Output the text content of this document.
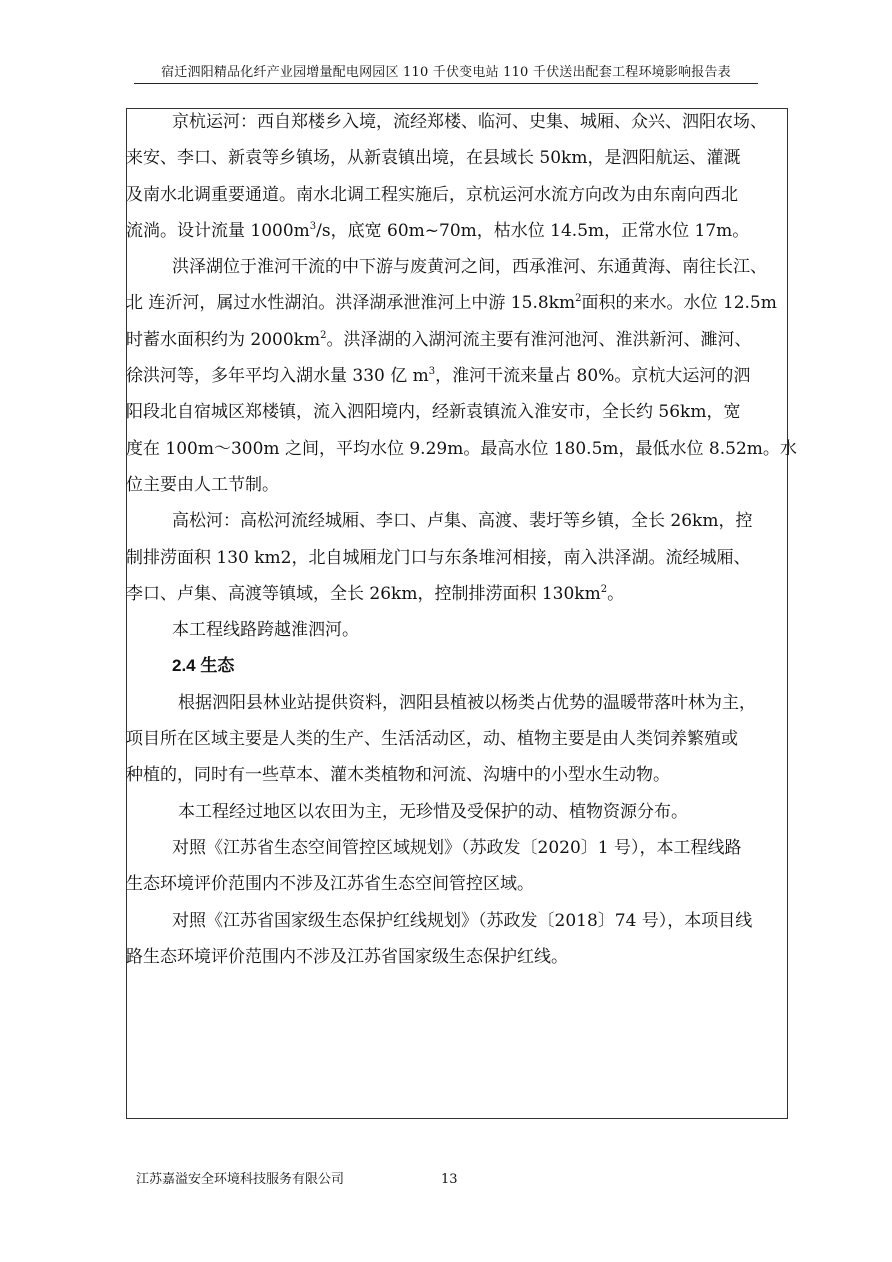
宿迁泗阳精品化纤产业园增量配电网园区 110 千伏变电站 110 千伏送出配套工程环境影响报告表

京杭运河：西自郑楼乡入境，流经郑楼、临河、史集、城厢、众兴、泗阳农场、
来安、李口、新袁等乡镇场，从新袁镇出境，在县域长 50km，是泗阳航运、灌溉
及南水北调重要通道。南水北调工程实施后，京杭运河水流方向改为由东南向西北
流淌。设计流量 $1000m^3/s$，底宽 60m~70m，枯水位 14.5m，正常水位 17m。

洪泽湖位于淮河干流的中下游与废黄河之间，西承淮河、东通黄海、南往长江、
北 连沂河，属过水性湖泊。洪泽湖承泄淮河上中游 $15.8km^2$面积的来水。水位 12.5m
时蓄水面积约为 $2000km^2$。洪泽湖的入湖河流主要有淮河池河、淮洪新河、濉河、
徐洪河等，多年平均入湖水量 330 亿 $m^3$，淮河干流来量占 80%。京杭大运河的泗
阳段北自宿城区郑楼镇，流入泗阳境内，经新袁镇流入淮安市，全长约 56km，宽
度在 100m～300m 之间，平均水位 9.29m。最高水位 180.5m，最低水位 8.52m。水
位主要由人工节制。

高松河：高松河流经城厢、李口、卢集、高渡、裴圩等乡镇，全长 26km，控
制排涝面积 130 km2，北自城厢龙门口与东条堆河相接，南入洪泽湖。流经城厢、
李口、卢集、高渡等镇域，全长 26km，控制排涝面积 $130km^2$。

本工程线路跨越淮泗河。

2.4 生态

根据泗阳县林业站提供资料，泗阳县植被以杨类占优势的温暖带落叶林为主，
项目所在区域主要是人类的生产、生活活动区，动、植物主要是由人类饲养繁殖或
种植的，同时有一些草本、灌木类植物和河流、沟塘中的小型水生动物。

本工程经过地区以农田为主，无珍惜及受保护的动、植物资源分布。

对照《江苏省生态空间管控区域规划》（苏政发〔2020〕1 号），本工程线路
生态环境评价范围内不涉及江苏省生态空间管控区域。

对照《江苏省国家级生态保护红线规划》（苏政发〔2018〕74 号），本项目线
路生态环境评价范围内不涉及江苏省国家级生态保护红线。

江苏嘉溢安全环境科技服务有限公司	13
